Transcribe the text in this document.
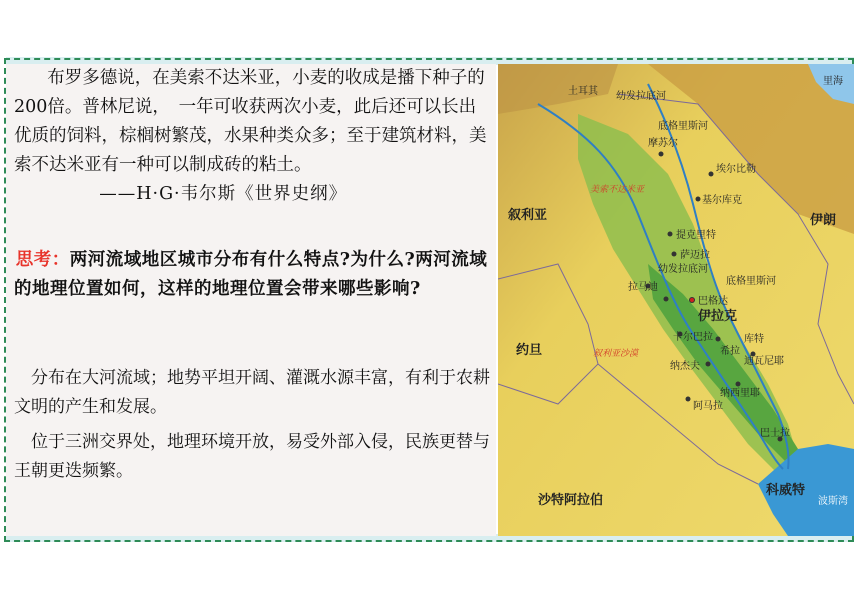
布罗多德说，在美索不达米亚，小麦的收成是播下种子的200倍。普林尼说，　一年可收获两次小麦，此后还可以长出优质的饲料，棕榈树繁茂，水果种类众多；至于建筑材料，美索不达米亚有一种可以制成砖的粘土。——H·G·韦尔斯《世界史纲》

思考：两河流域地区城市分布有什么特点?为什么?两河流域的地理位置如何，这样的地理位置会带来哪些影响?

分布在大河流域；地势平坦开阔、灌溉水源丰富，有利于农耕文明的产生和发展。

位于三洲交界处，地理环境开放，易受外部入侵，民族更替与王朝更迭频繁。

土耳其
里海
叙利亚	伊朗
约旦
伊拉克
沙特阿拉伯
科威特
波斯湾
幼发拉底河
底格里斯河
摩苏尔
埃尔比勒
基尔库克
提克里特
萨迈拉
巴格达
卡尔巴拉
希拉
库特
纳杰夫	迪瓦尼耶
纳西里耶
阿马拉
巴士拉
拉马迪
幼发拉底河
底格里斯河
美索不达米亚
叙利亚沙漠
